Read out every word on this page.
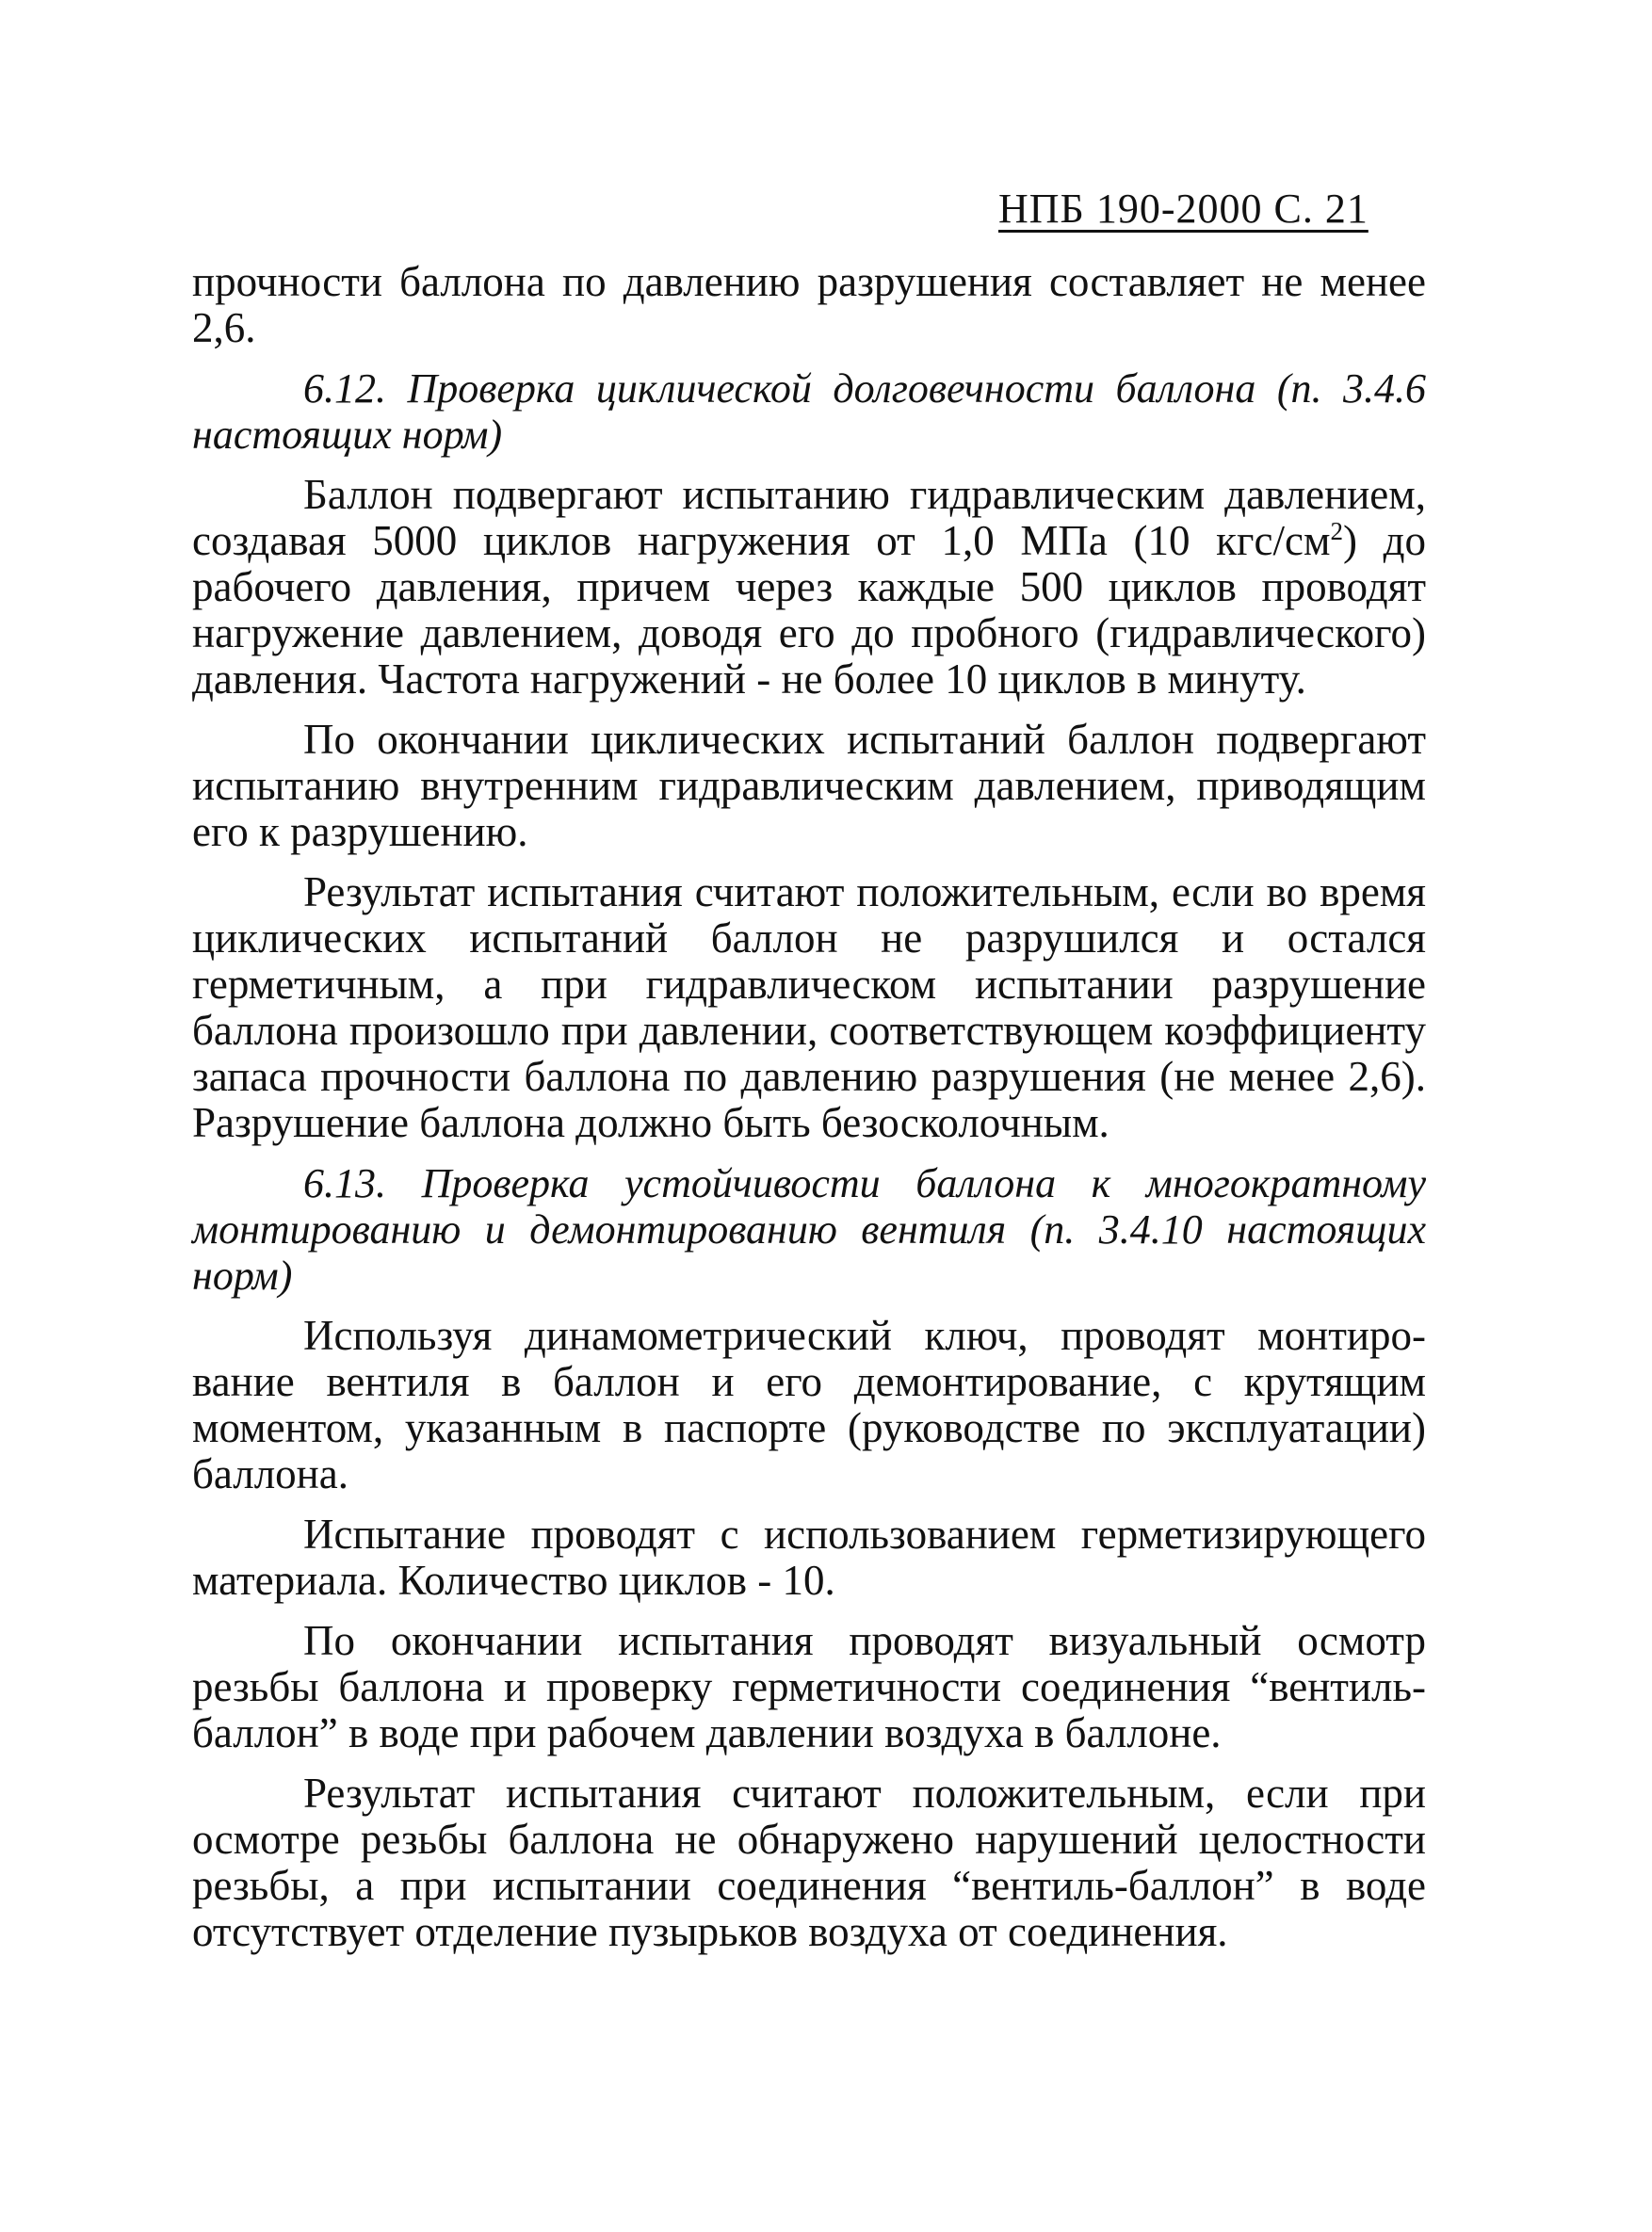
НПБ 190-2000 С. 21

прочности баллона по давлению разрушения составляет не менее 2,6.

6.12. Проверка циклической долговечности баллона (п. 3.4.6 настоящих норм)

Баллон подвергают испытанию гидравлическим давлением, создавая 5000 циклов нагружения от 1,0 МПа (10 кгс/$см^2$) до рабочего давления, причем через каждые 500 циклов проводят нагружение давлением, доводя его до пробного (гидравлического) давления. Частота нагружений - не более 10 циклов в минуту.

По окончании циклических испытаний баллон подвергают испытанию внутренним гидравлическим давлением, приводящим его к разрушению.

Результат испытания считают положительным, если во время циклических испытаний баллон не разрушился и остался герметичным, а при гидравлическом испытании разрушение баллона произошло при давлении, соответствующем коэффициенту запаса прочности баллона по давлению разрушения (не менее 2,6). Разрушение баллона должно быть безосколочным.

6.13. Проверка устойчивости баллона к многократному монтированию и демонтированию вентиля (п. 3.4.10 настоящих норм)

Используя динамометрический ключ, проводят монтирование вентиля в баллон и его демонтирование, с крутящим моментом, указанным в паспорте (руководстве по эксплуатации) баллона.

Испытание проводят с использованием герметизирующего материала. Количество циклов - 10.

По окончании испытания проводят визуальный осмотр резьбы баллона и проверку герметичности соединения “вентиль-баллон” в воде при рабочем давлении воздуха в баллоне.

Результат испытания считают положительным, если при осмотре резьбы баллона не обнаружено нарушений целостности резьбы, а при испытании соединения “вентиль-баллон” в воде отсутствует отделение пузырьков воздуха от соединения.
